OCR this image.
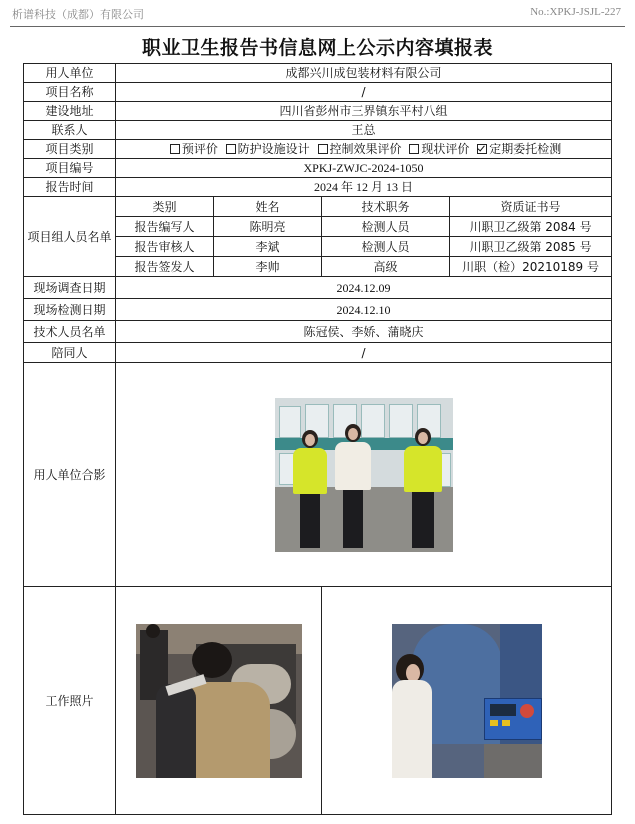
析谱科技（成都）有限公司	No.:XPKJ-JSJL-227
职业卫生报告书信息网上公示内容填报表
用人单位	成都兴川成包装材料有限公司			
项目名称	/			
建设地址	四川省彭州市三界镇东平村八组			
联系人	王总			
项目类别	预评价 防护设施设计 控制效果评价 现状评价 定期委托检测			
项目编号	XPKJ-ZWJC-2024-1050			
报告时间	2024 年 12 月 13 日			
项目组人员名单	类别	姓名	技术职务	资质证书号
	报告编写人	陈明亮	检测人员	川职卫乙级第 2084 号
	报告审核人	李斌	检测人员	川职卫乙级第 2085 号
	报告签发人	李帅	高级	川职（检）20210189 号
现场调查日期	2024.12.09			
现场检测日期	2024.12.10			
技术人员名单	陈冠侯、李娇、蒲晓庆			
陪同人	/			
用人单位合影				

工作照片			
